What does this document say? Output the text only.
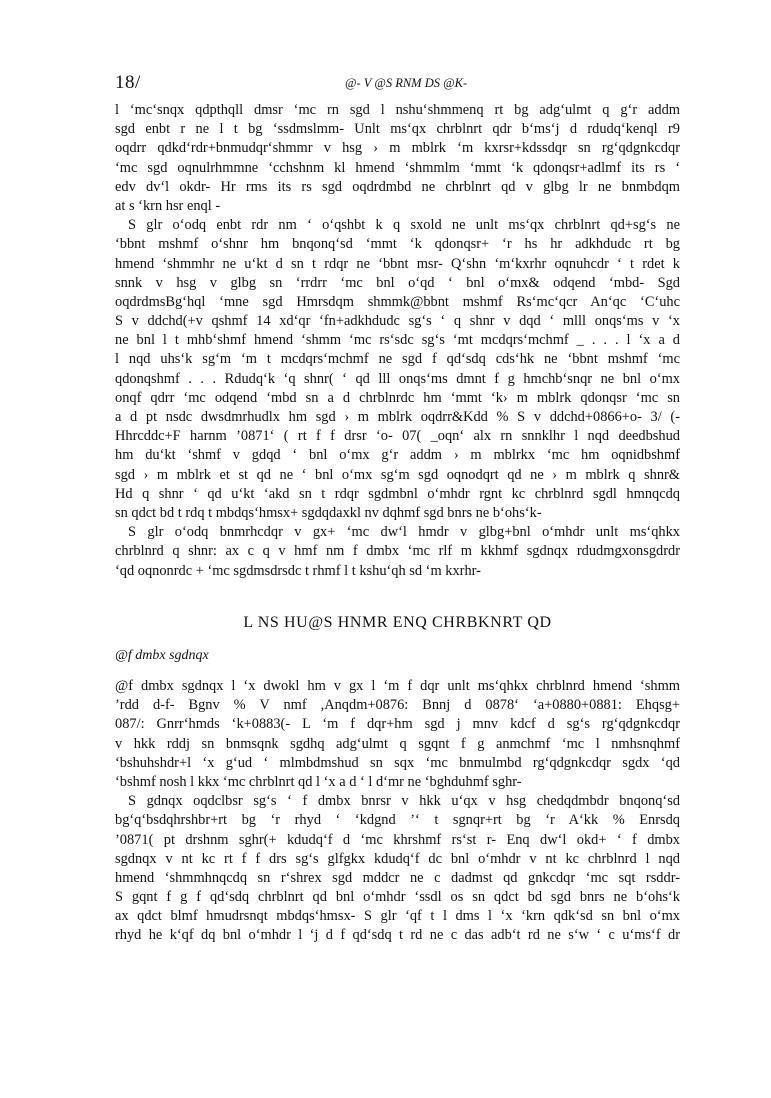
18/	@- V @S RNM DS @K-
l ‘mc‘snqx qdpthqll dmsr ‘mc rn sgd l nshu‘shmmenq rt bg adg‘ulmt q g‘r addm
sgd enbt r ne l t bg ‘ssdmslmm- Unlt ms‘qx chrblnrt qdr b‘ms‘j d rdudq‘kenql r9
oqdrr qdkd‘rdr+bnmudqr‘shmmr v hsg › m mblrk ‘m kxrsr+kdssdqr sn rg‘qdgnkcdqr
‘mc sgd oqnulrhmmne ‘cchshnm kl hmend ‘shmmlm ‘mmt ‘k qdonqsr+adlmf its rs ‘
edv dv‘l okdr- Hr rms its rs sgd oqdrdmbd ne chrblnrt qd v glbg lr ne bnmbdqm
at s ‘krn hsr enql -
S glr o‘odq enbt rdr nm ‘ o‘qshbt k q sxold ne unlt ms‘qx chrblnrt qd+sg‘s ne
‘bbnt mshmf o‘shnr hm bnqonq‘sd ‘mmt ‘k qdonqsr+ ‘r hs hr adkhdudc rt bg
hmend ‘shmmhr ne u‘kt d sn t rdqr ne ‘bbnt msr- Q‘shn ‘m‘kxrhr oqnuhcdr ‘ t rdet k
snnk v hsg v glbg sn ‘rrdrr ‘mc bnl o‘qd ‘ bnl o‘mx& odqend ‘mbd- Sgd
oqdrdmsBg‘hql ‘mne sgd Hmrsdqm shmmk@bbnt mshmf Rs‘mc‘qcr An‘qc ‘C‘uhc
S v ddchd(+v qshmf 14 xd‘qr ‘fn+adkhdudc sg‘s ‘ q shnr v dqd ‘ mlll onqs‘ms v ‘x
ne bnl l t mhb‘shmf hmend ‘shmm ‘mc rs‘sdc sg‘s ‘mt mcdqrs‘mchmf _ . . . l ‘x a d
l nqd uhs‘k sg‘m ‘m t mcdqrs‘mchmf ne sgd f qd‘sdq cds‘hk ne ‘bbnt mshmf ‘mc
qdonqshmf . . . Rdudq‘k ‘q shnr( ‘ qd lll onqs‘ms dmnt f g hmchb‘snqr ne bnl o‘mx
onqf qdrr ‘mc odqend ‘mbd sn a d chrblnrdc hm ‘mmt ‘k› m mblrk qdonqsr ‘mc sn
a d pt nsdc dwsdmrhudlx hm sgd › m mblrk oqdrr&Kdd % S v ddchd+0866+o- 3/ (-
Hhrcddc+F harnm ’0871‘ ( rt f f drsr ‘o- 07( _oqn‘ alx rn snnklhr l nqd deedbshud
hm du‘kt ‘shmf v gdqd ‘ bnl o‘mx g‘r addm › m mblrkx ‘mc hm oqnidbshmf
sgd › m mblrk et st qd ne ‘ bnl o‘mx sg‘m sgd oqnodqrt qd ne › m mblrk q shnr&
Hd q shnr ‘ qd u‘kt ‘akd sn t rdqr sgdmbnl o‘mhdr rgnt kc chrblnrd sgdl hmnqcdq
sn qdct bd t rdq t mbdqs‘hmsx+ sgdqdaxkl nv dqhmf sgd bnrs ne b‘ohs‘k-
S glr o‘odq bnmrhcdqr v gx+ ‘mc dw‘l hmdr v glbg+bnl o‘mhdr unlt ms‘qhkx
chrblnrd q shnr: ax c q v hmf nm f dmbx ‘mc rlf m kkhmf sgdnqx rdudmgxonsgdrdr
‘qd oqnonrdc + ‘mc sgdmsdrsdc t rhmf l t kshu‘qh sd ‘m kxrhr-
L NS HU@S HNMR ENQ CHRBKNRT QD
@f dmbx sgdnqx
@f dmbx sgdnqx l ‘x dwokl hm v gx l ‘m f dqr unlt ms‘qhkx chrblnrd hmend ‘shmm
’rdd d-f- Bgnv % V nmf ,Anqdm+0876: Bnnj d 0878‘ ‘a+0880+0881: Ehqsg+
087/: Gnrr‘hmds ‘k+0883(- L ‘m f dqr+hm sgd j mnv kdcf d sg‘s rg‘qdgnkcdqr
v hkk rddj sn bnmsqnk sgdhq adg‘ulmt q sgqnt f g anmchmf ‘mc l nmhsnqhmf
‘bshuhshdr+l ‘x g‘ud ‘ mlmbdmshud sn sqx ‘mc bnmulmbd rg‘qdgnkcdqr sgdx ‘qd
‘bshmf nosh l kkx ‘mc chrblnrt qd l ‘x a d ‘ l d‘mr ne ‘bghduhmf sghr-
S gdnqx oqdclbsr sg‘s ‘ f dmbx bnrsr v hkk u‘qx v hsg chedqdmbdr bnqonq‘sd
bg‘q‘bsdqhrshbr+rt bg ‘r rhyd ‘ ‘kdgnd ’‘ t sgnqr+rt bg ‘r A‘kk % Enrsdq
’0871( pt drshnm sghr(+ kdudq‘f d ‘mc khrshmf rs‘st r- Enq dw‘l okd+ ‘ f dmbx
sgdnqx v nt kc rt f f drs sg‘s glfgkx kdudq‘f dc bnl o‘mhdr v nt kc chrblnrd l nqd
hmend ‘shmmhnqcdq sn r‘shrex sgd mddcr ne c dadmst qd gnkcdqr ‘mc sqt rsddr-
S gqnt f g f qd‘sdq chrblnrt qd bnl o‘mhdr ‘ssdl os sn qdct bd sgd bnrs ne b‘ohs‘k
ax qdct blmf hmudrsnqt mbdqs‘hmsx- S glr ‘qf t l dms l ‘x ‘krn qdk‘sd sn bnl o‘mx
rhyd he k‘qf dq bnl o‘mhdr l ‘j d f qd‘sdq t rd ne c das adb‘t rd ne s‘w ‘ c u‘ms‘f dr
